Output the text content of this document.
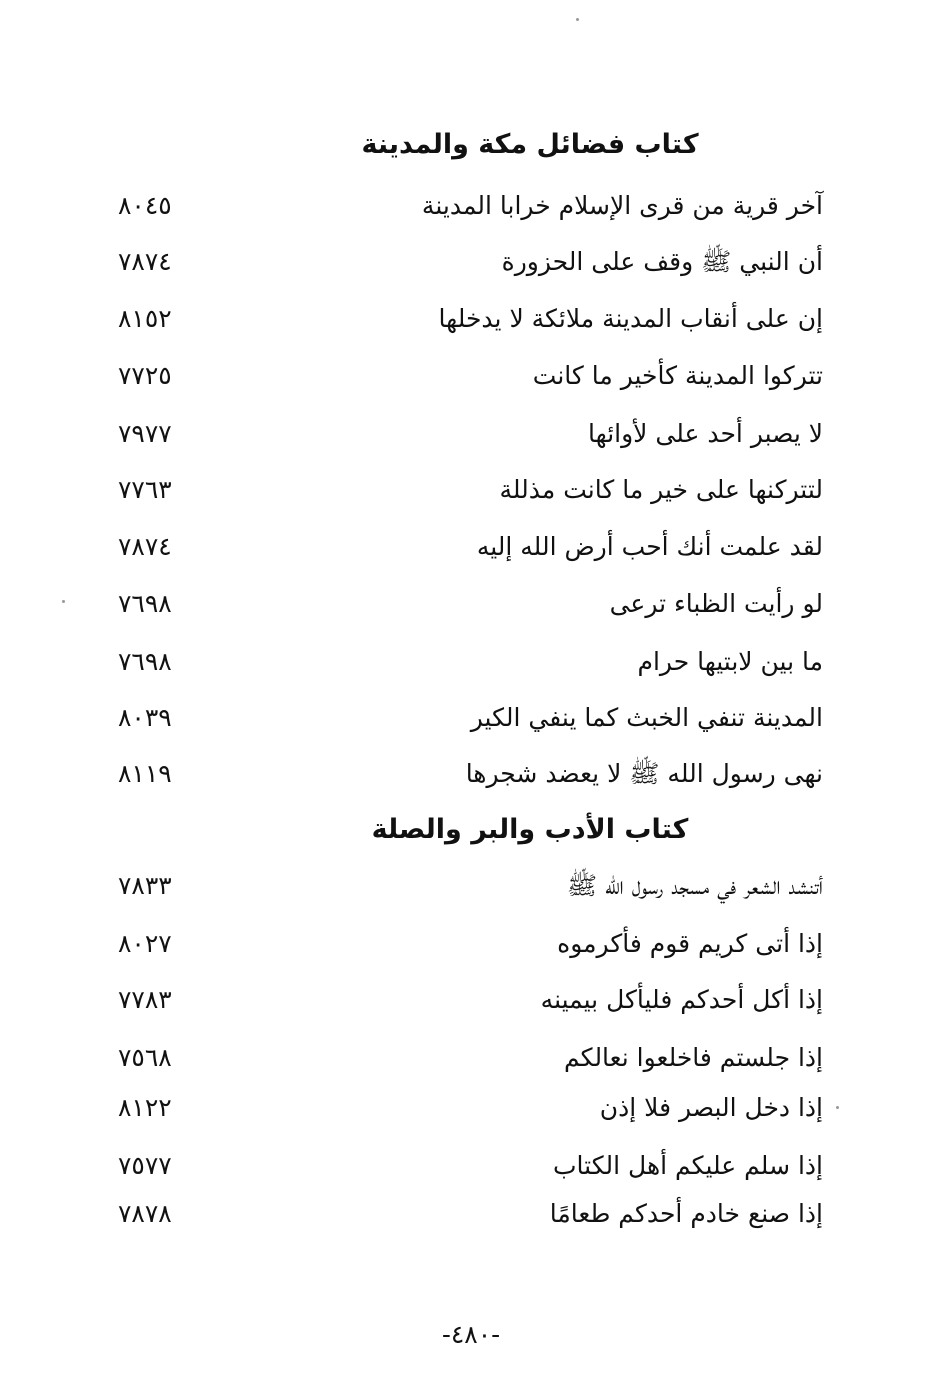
كتاب فضائل مكة والمدينة
آخر قرية من قرى الإسلام خرابا المدينة
٨٠٤٥
أن النبي ﷺ وقف على الحزورة
٧٨٧٤
إن على أنقاب المدينة ملائكة لا يدخلها
٨١٥٢
تتركوا المدينة كأخير ما كانت
٧٧٢٥
لا يصبر أحد على لأوائها
٧٩٧٧
لتتركنها على خير ما كانت مذللة
٧٧٦٣
لقد علمت أنك أحب أرض الله إليه
٧٨٧٤
لو رأيت الظباء ترعى
٧٦٩٨
ما بين لابتيها حرام
٧٦٩٨
المدينة تنفي الخبث كما ينفي الكير
٨٠٣٩
نهى رسول الله ﷺ لا يعضد شجرها
٨١١٩
كتاب الأدب والبر والصلة
أتنشد الشعر في مسجد رسول الله ﷺ
٧٨٣٣
إذا أتى كريم قوم فأكرموه
٨٠٢٧
إذا أكل أحدكم فليأكل بيمينه
٧٧٨٣
إذا جلستم فاخلعوا نعالكم
٧٥٦٨
إذا دخل البصر فلا إذن
٨١٢٢
إذا سلم عليكم أهل الكتاب
٧٥٧٧
إذا صنع خادم أحدكم طعامًا
٧٨٧٨
-٤٨٠-
